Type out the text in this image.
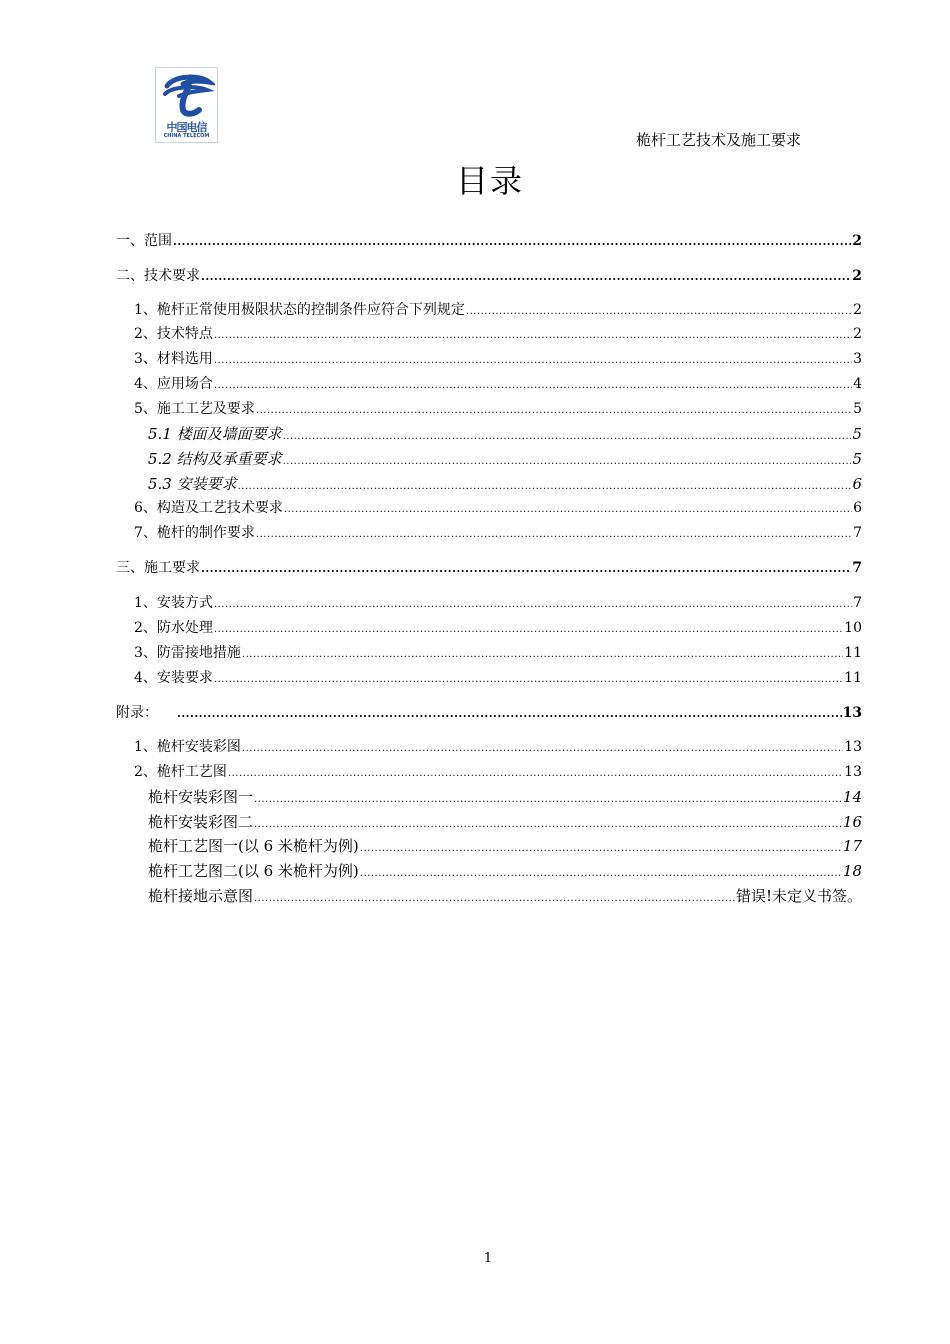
中国电信
CHINA TELECOM	桅杆工艺技术及施工要求
目录
一、范围 .....	2
二、技术要求 .....	2
1、桅杆正常使用极限状态的控制条件应符合下列规定 .....	2
2、技术特点 .....	2
3、材料选用 .....	3
4、应用场合 .....	4
5、施工工艺及要求 .....	5
5.1 楼面及墙面要求 .....	5
5.2 结构及承重要求 .....	5
5.3 安装要求 .....	6
6、构造及工艺技术要求 .....	6
7、桅杆的制作要求 .....	7
三、施工要求 .....	7
1、安装方式 .....	7
2、防水处理 .....	10
3、防雷接地措施 .....	11
4、安装要求 .....	11
附录： .....	13
1、桅杆安装彩图 .....	13
2、桅杆工艺图 .....	13
桅杆安装彩图一 .....	14
桅杆安装彩图二 .....	16
桅杆工艺图一(以 6 米桅杆为例) .....	17
桅杆工艺图二(以 6 米桅杆为例) .....	18
桅杆接地示意图 .....	错误!未定义书签。
1
